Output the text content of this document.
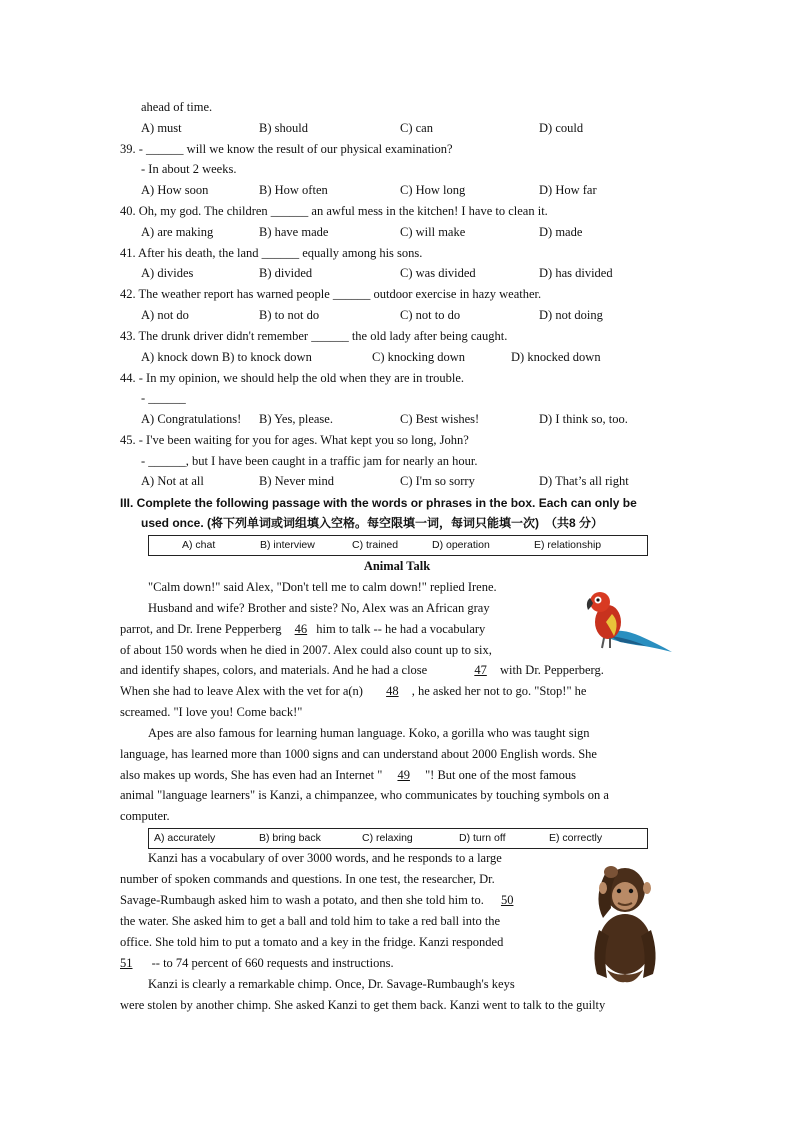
ahead of time.
A) must	B) should	C) can	D) could
39. - ______ will we know the result of our physical examination?
- In about 2 weeks.
A) How soon	B) How often	C) How long	D) How far
40. Oh, my god. The children ______ an awful mess in the kitchen! I have to clean it.
A) are making	B) have made	C) will make	D) made
41. After his death, the land ______ equally among his sons.
A) divides	B) divided	C) was divided	D) has divided
42. The weather report has warned people ______ outdoor exercise in hazy weather.
A) not do	B) to not do	C) not to do	D) not doing
43. The drunk driver didn't remember ______ the old lady after being caught.
A) knock down B) to knock down	C) knocking down	D) knocked down
44. - In my opinion, we should help the old when they are in trouble.
- ______
A) Congratulations! B) Yes, please.	C) Best wishes!	D) I think so, too.
45. - I've been waiting for you for ages. What kept you so long, John?
- ______, but I have been caught in a traffic jam for nearly an hour.
A) Not at all	B) Never mind	C) I'm so sorry	D) That’s all right
III. Complete the following passage with the words or phrases in the box. Each can only be
used once. (将下列单词或词组填入空格。每空限填一词，每词只能填一次)　（共8 分）
A) chat	B) interview	C) trained	D) operation	E) relationship
Animal Talk
"Calm down!" said Alex, "Don't tell me to calm down!" replied Irene.
Husband and wife? Brother and siste? No, Alex was an African gray
parrot, and Dr. Irene Pepperberg 46 him to talk -- he had a vocabulary
of about 150 words when he died in 2007. Alex could also count up to six,
and identify shapes, colors, and materials. And he had a close	47 with Dr. Pepperberg.
When she had to leave Alex with the vet for a(n) 48 , he asked her not to go. "Stop!" he
screamed. "I love you! Come back!"
Apes are also famous for learning human language. Koko, a gorilla who was taught sign
language, has learned more than 1000 signs and can understand about 2000 English words. She
also makes up words, She has even had an Internet " 49 "! But one of the most famous
animal "language learners" is Kanzi, a chimpanzee, who communicates by touching symbols on a
computer.
A) accurately	B) bring back	C) relaxing	D) turn off	E) correctly
Kanzi has a vocabulary of over 3000 words, and he responds to a large
number of spoken commands and questions. In one test, the researcher, Dr.
Savage-Rumbaugh asked him to wash a potato, and then she told him to. 50
the water. She asked him to get a ball and told him to take a red ball into the
office. She told him to put a tomato and a key in the fridge. Kanzi responded
51 -- to 74 percent of 660 requests and instructions.
Kanzi is clearly a remarkable chimp. Once, Dr. Savage-Rumbaugh's keys
were stolen by another chimp. She asked Kanzi to get them back. Kanzi went to talk to the guilty
